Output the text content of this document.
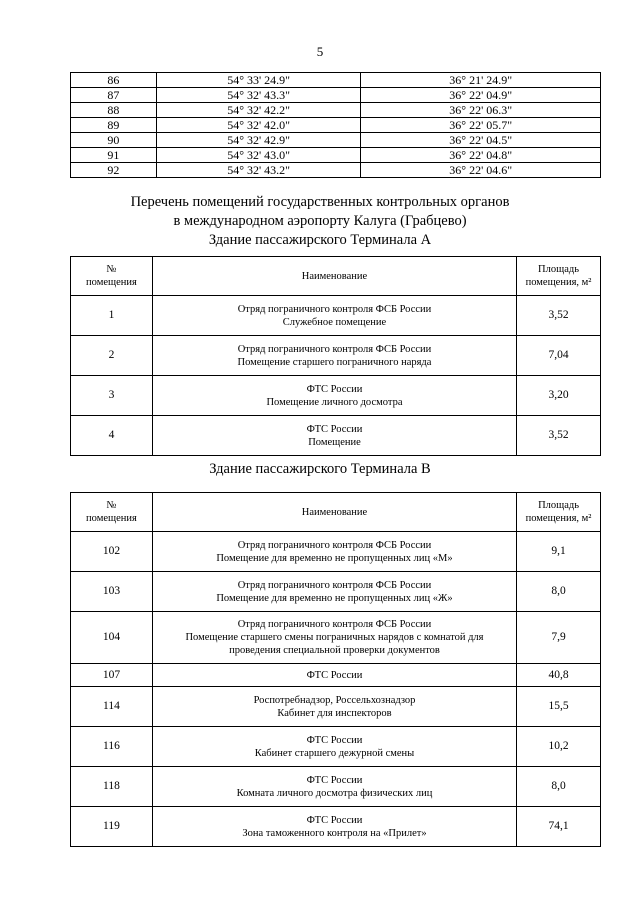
5
86	54° 33' 24.9"	36° 21' 24.9"
87	54° 32' 43.3"	36° 22' 04.9"
88	54° 32' 42.2"	36° 22' 06.3"
89	54° 32' 42.0"	36° 22' 05.7"
90	54° 32' 42.9"	36° 22' 04.5"
91	54° 32' 43.0"	36° 22' 04.8"
92	54° 32' 43.2"	36° 22' 04.6"
Перечень помещений государственных контрольных органов
в международном аэропорту Калуга (Грабцево)
Здание пассажирского Терминала А
№
помещения	Наименование	Площадь
помещения, м²
1	Отряд пограничного контроля ФСБ России
Служебное помещение	3,52
2	Отряд пограничного контроля ФСБ России
Помещение старшего пограничного наряда	7,04
3	ФТС России
Помещение личного досмотра	3,20
4	ФТС России
Помещение	3,52
Здание пассажирского Терминала В
№
помещения	Наименование	Площадь
помещения, м²
102	Отряд пограничного контроля ФСБ России
Помещение для временно не пропущенных лиц «М»	9,1
103	Отряд пограничного контроля ФСБ России
Помещение для временно не пропущенных лиц «Ж»	8,0
104	Отряд пограничного контроля ФСБ России
Помещение старшего смены пограничных нарядов с комнатой для
проведения специальной проверки документов	7,9
107	ФТС России	40,8
114	Роспотребнадзор, Россельхознадзор
Кабинет для инспекторов	15,5
116	ФТС России
Кабинет старшего дежурной смены	10,2
118	ФТС России
Комната личного досмотра физических лиц	8,0
119	ФТС России
Зона таможенного контроля на «Прилет»	74,1
